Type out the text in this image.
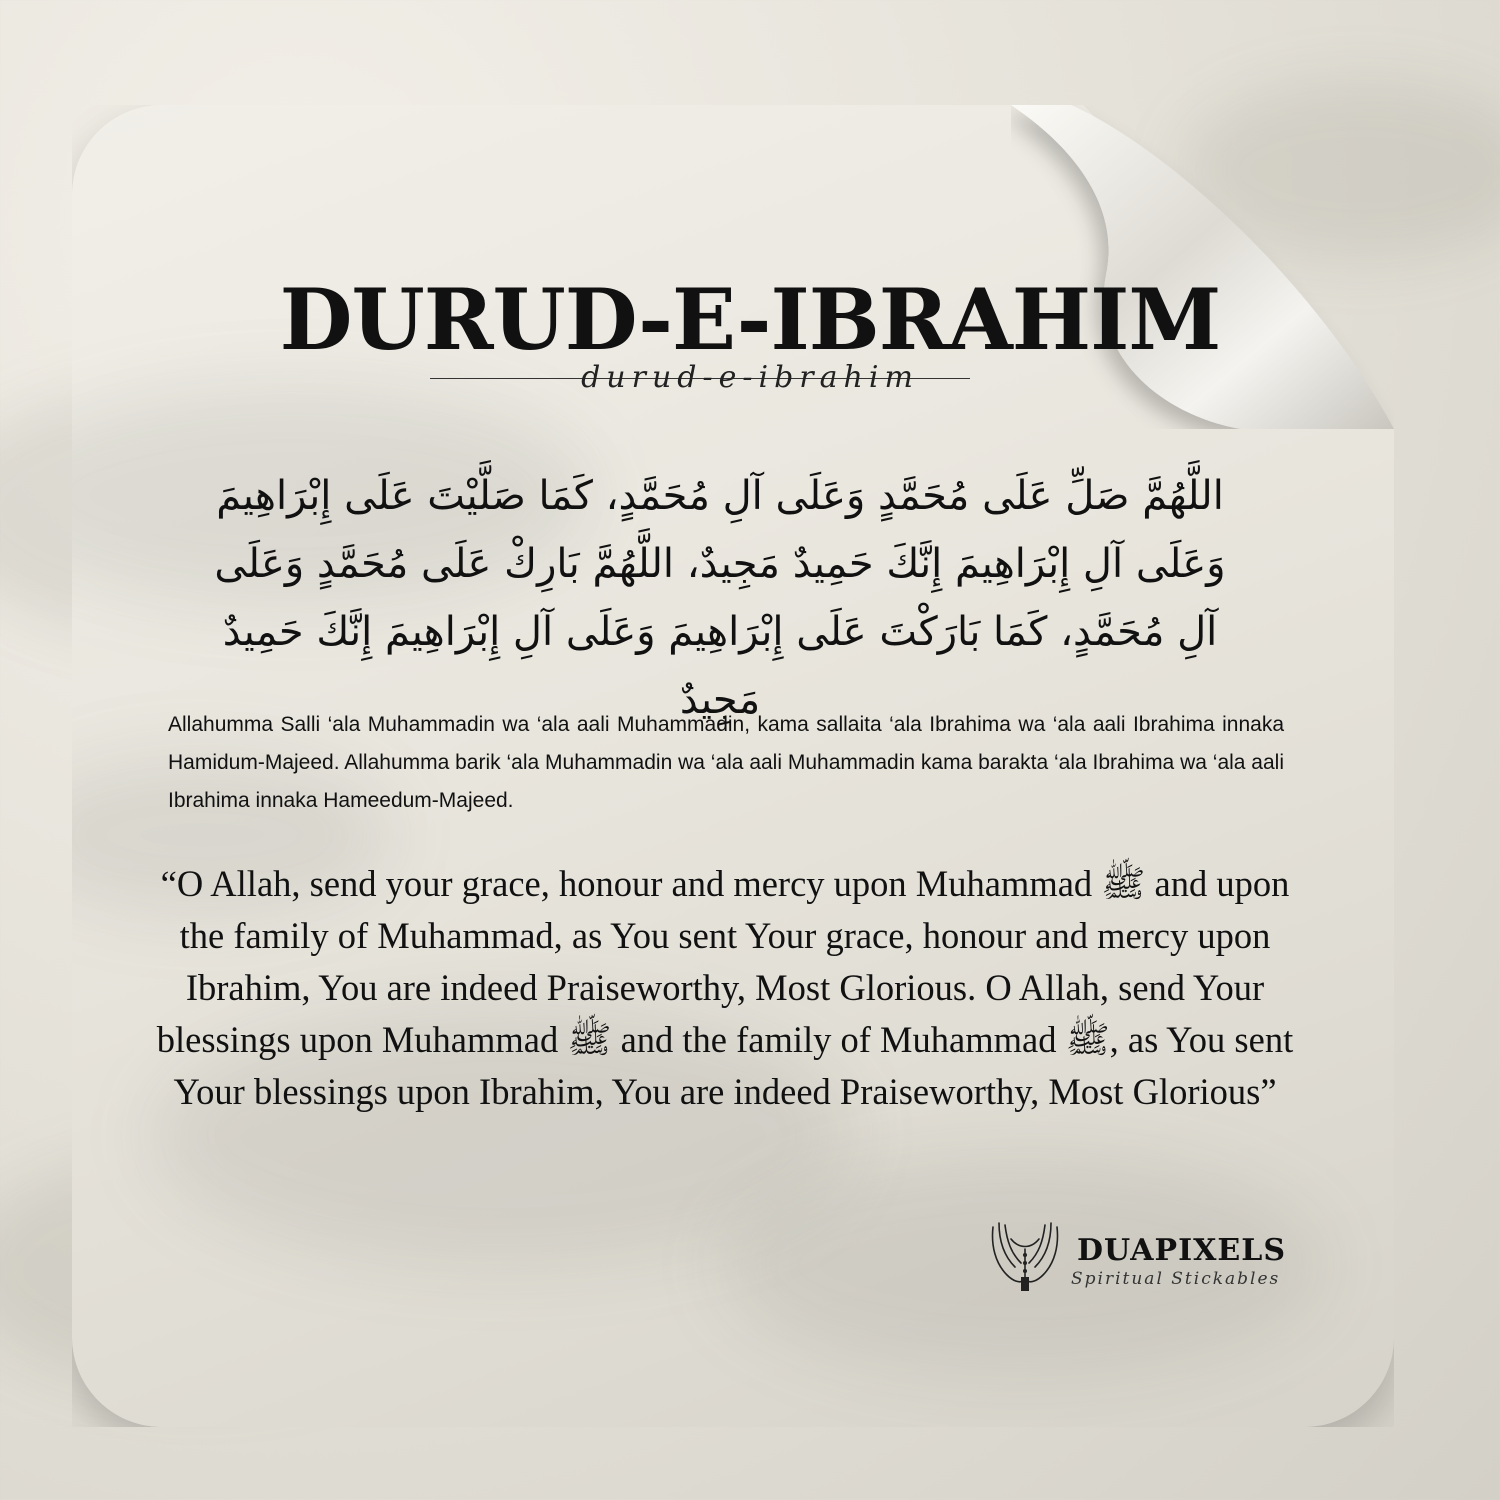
DURUD-E-IBRAHIM
durud-e-ibrahim
اللَّهُمَّ صَلِّ عَلَى مُحَمَّدٍ وَعَلَى آلِ مُحَمَّدٍ، كَمَا صَلَّيْتَ عَلَى إِبْرَاهِيمَ وَعَلَى آلِ إِبْرَاهِيمَ إِنَّكَ حَمِيدٌ مَجِيدٌ، اللَّهُمَّ بَارِكْ عَلَى مُحَمَّدٍ وَعَلَى آلِ مُحَمَّدٍ، كَمَا بَارَكْتَ عَلَى إِبْرَاهِيمَ وَعَلَى آلِ إِبْرَاهِيمَ إِنَّكَ حَمِيدٌ مَجِيدٌ
Allahumma Salli ‘ala Muhammadin wa ‘ala aali Muhammadin, kama sallaita ‘ala Ibrahima wa ‘ala aali Ibrahima innaka Hamidum-Majeed. Allahumma barik ‘ala Muhammadin wa ‘ala aali Muhammadin kama barakta ‘ala Ibrahima wa ‘ala aali Ibrahima innaka Hameedum-Majeed.
“O Allah, send your grace, honour and mercy upon Muhammad ﷺ and upon the family of Muhammad, as You sent Your grace, honour and mercy upon Ibrahim, You are indeed Praiseworthy, Most Glorious. O Allah, send Your blessings upon Muhammad ﷺ and the family of Muhammad ﷺ, as You sent Your blessings upon Ibrahim, You are indeed Praiseworthy, Most Glorious”
DUAPIXELS
Spiritual Stickables
